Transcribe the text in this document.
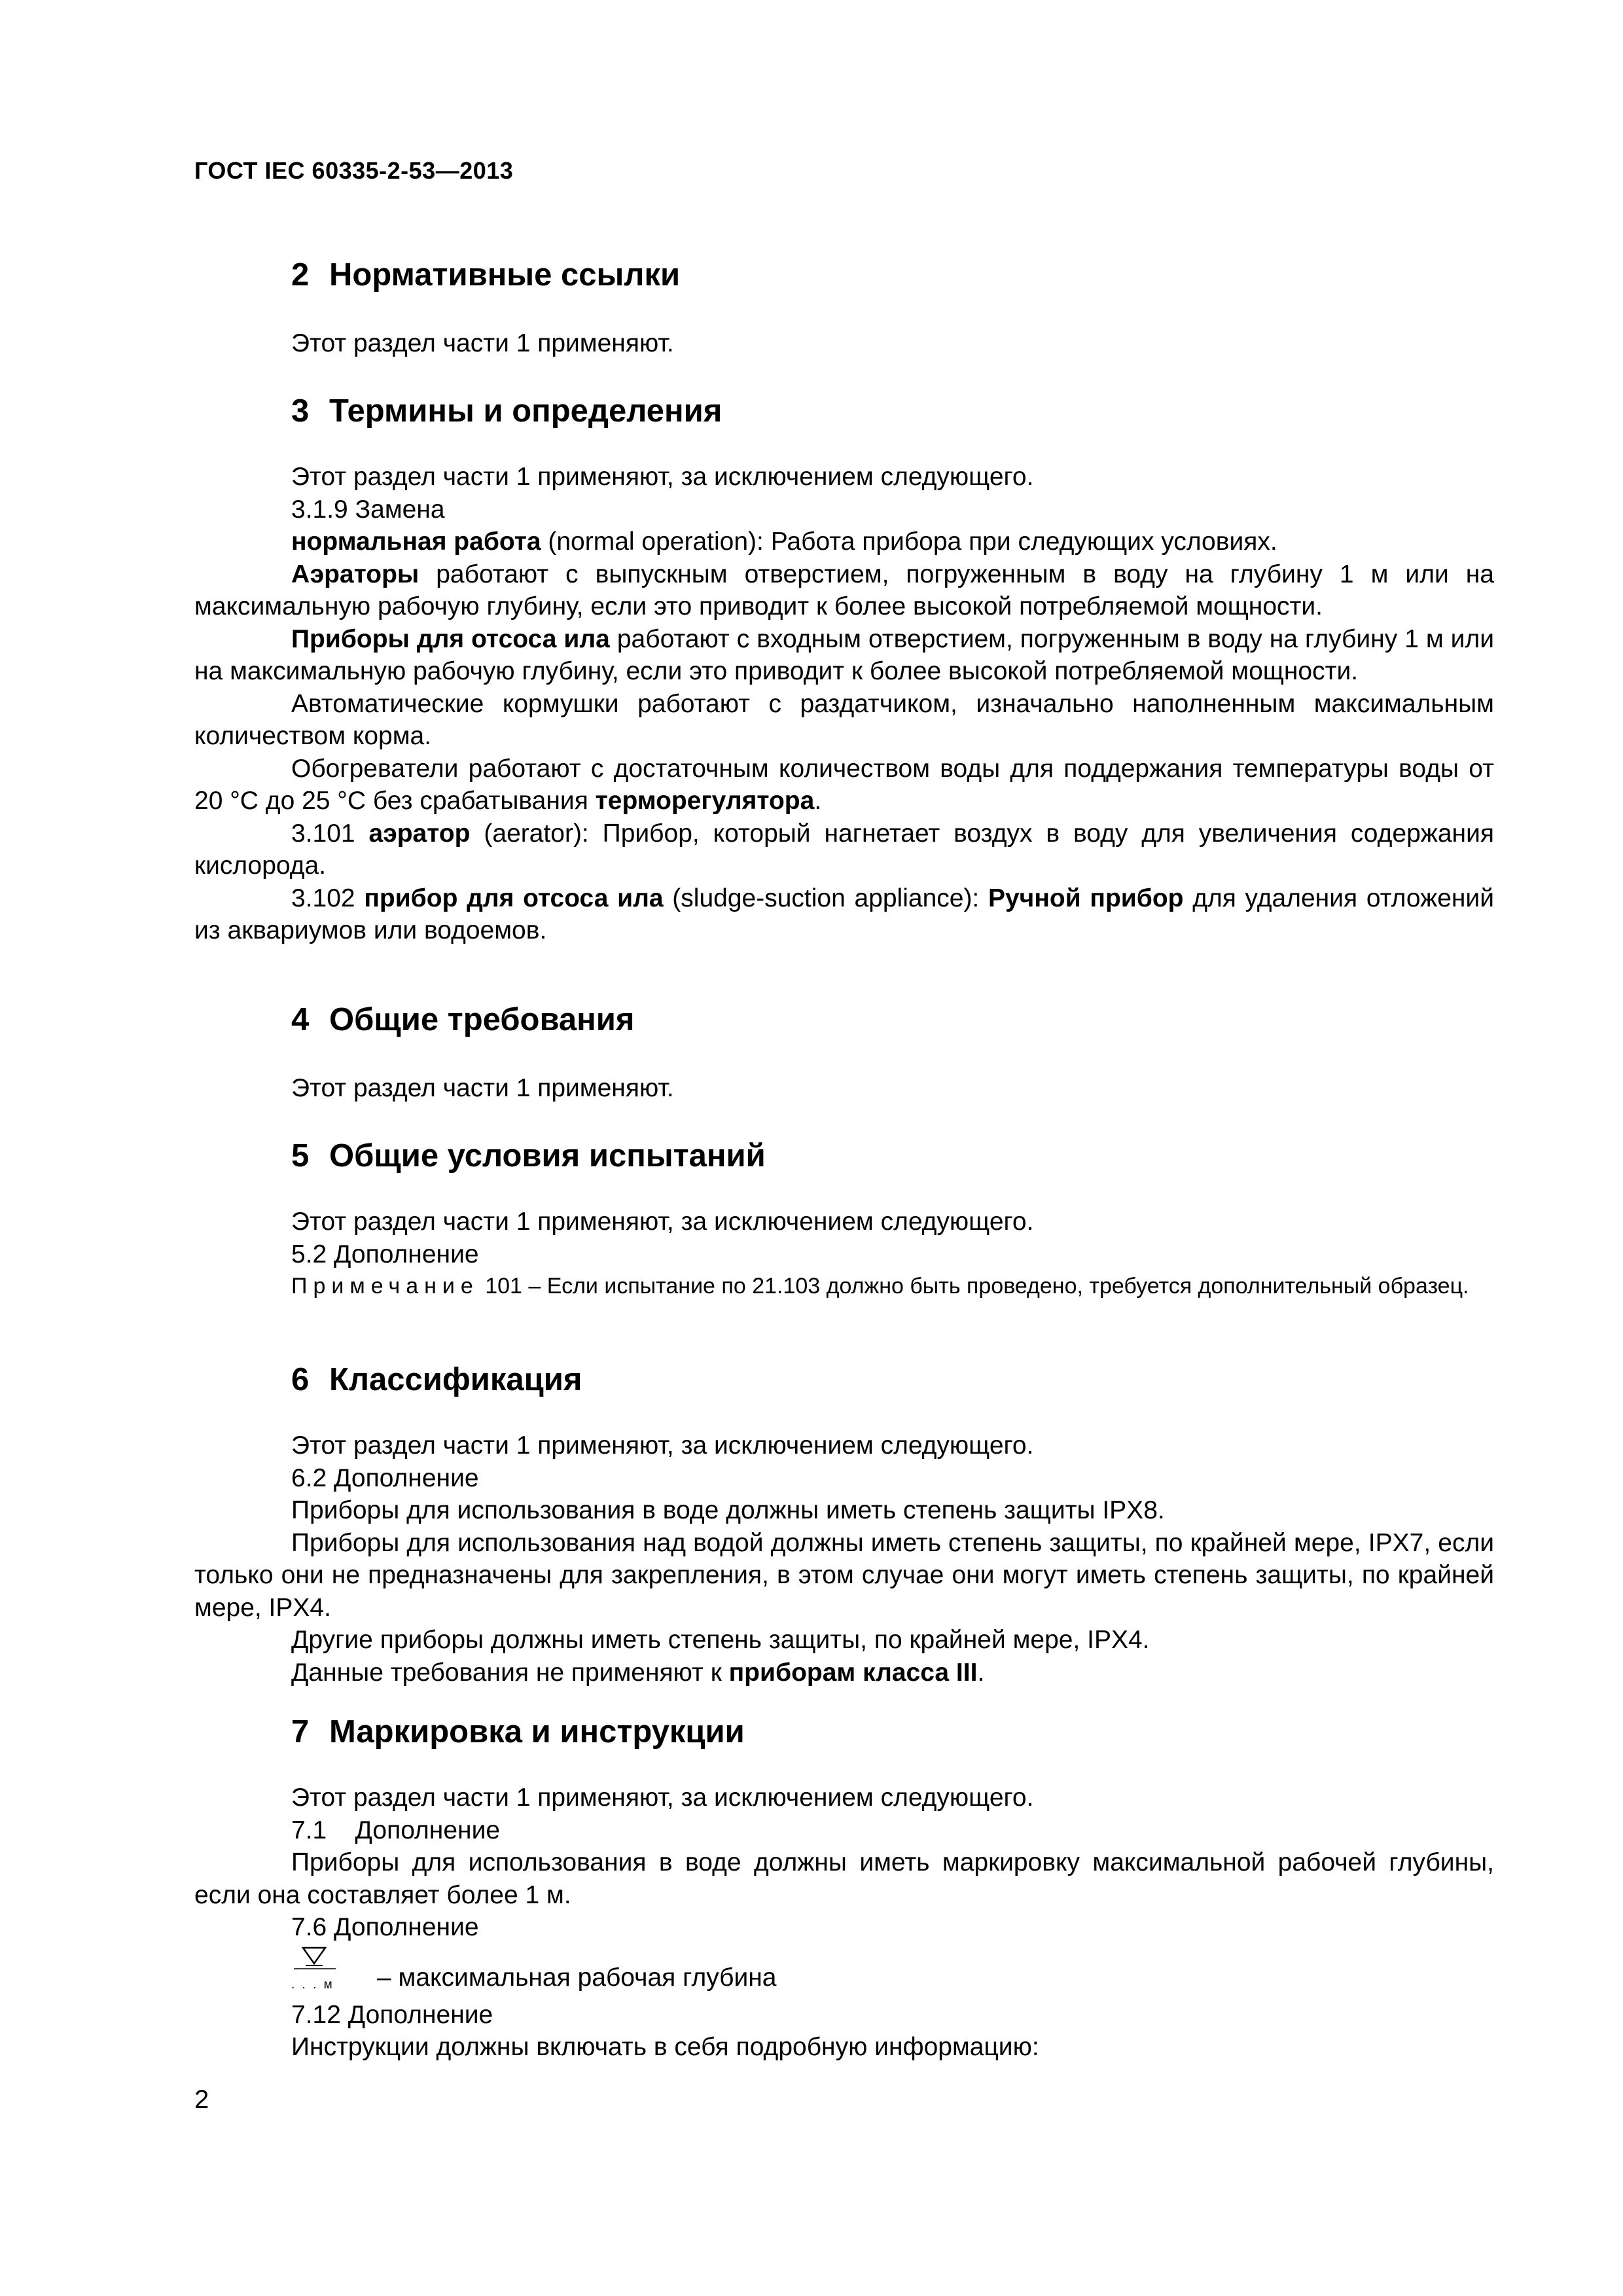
ГОСТ IEC 60335-2-53—2013
2 Нормативные ссылки

Этот раздел части 1 применяют.

3 Термины и определения

Этот раздел части 1 применяют, за исключением следующего.

3.1.9 Замена

нормальная работа (normal operation): Работа прибора при следующих условиях.

Аэраторы работают с выпускным отверстием, погруженным в воду на глубину 1 м или на максимальную рабочую глубину, если это приводит к более высокой потребляемой мощности.

Приборы для отсоса ила работают с входным отверстием, погруженным в воду на глубину 1 м или на максимальную рабочую глубину, если это приводит к более высокой потребляемой мощности.

Автоматические кормушки работают с раздатчиком, изначально наполненным максимальным количеством корма.

Обогреватели работают с достаточным количеством воды для поддержания температуры воды от 20 °С до 25 °С без срабатывания терморегулятора.

3.101 аэратор (aerator): Прибор, который нагнетает воздух в воду для увеличения содержания кислорода.

3.102 прибор для отсоса ила (sludge-suction appliance): Ручной прибор для удаления отложений из аквариумов или водоемов.

4 Общие требования

Этот раздел части 1 применяют.

5 Общие условия испытаний

Этот раздел части 1 применяют, за исключением следующего.

5.2 Дополнение

Примечание 101 – Если испытание по 21.103 должно быть проведено, требуется дополнительный образец.

6 Классификация

Этот раздел части 1 применяют, за исключением следующего.

6.2 Дополнение

Приборы для использования в воде должны иметь степень защиты IPX8.

Приборы для использования над водой должны иметь степень защиты, по крайней мере, IPX7, если только они не предназначены для закрепления, в этом случае они могут иметь степень защиты, по крайней мере, IPX4.

Другие приборы должны иметь степень защиты, по крайней мере, IPX4.

Данные требования не применяют к приборам класса III.

7 Маркировка и инструкции

Этот раздел части 1 применяют, за исключением следующего.

7.1    Дополнение

Приборы для использования в воде должны иметь маркировку максимальной рабочей глубины, если она составляет более 1 м.

7.6 Дополнение

. . . м	– максимальная рабочая глубина

7.12 Дополнение

Инструкции должны включать в себя подробную информацию:

2
